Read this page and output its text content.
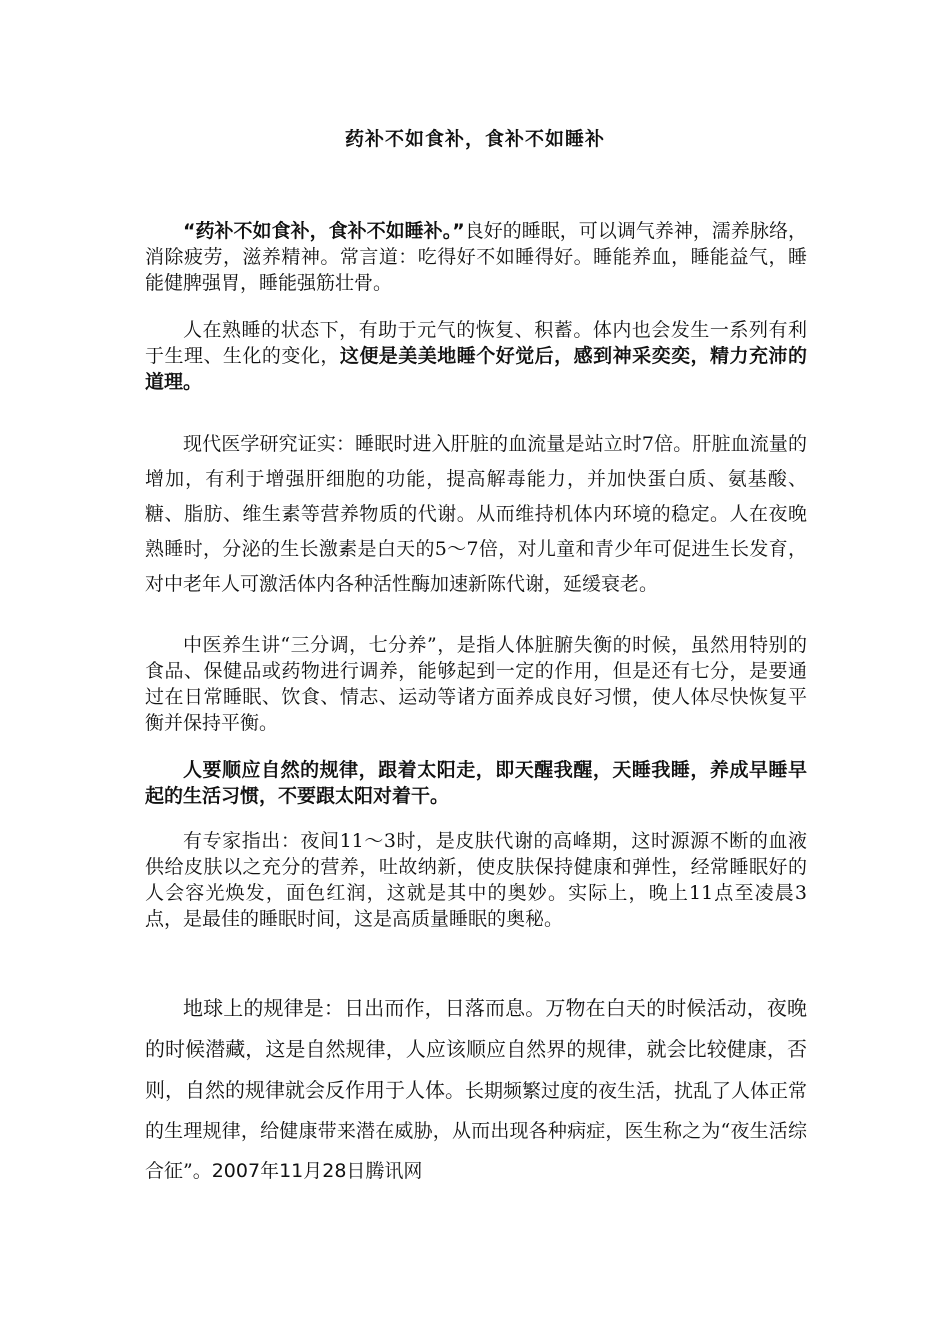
药补不如食补，食补不如睡补

“药补不如食补，食补不如睡补。”良好的睡眠，可以调气养神，濡养脉络，消除疲劳，滋养精神。常言道：吃得好不如睡得好。睡能养血，睡能益气，睡能健脾强胃，睡能强筋壮骨。

人在熟睡的状态下，有助于元气的恢复、积蓄。体内也会发生一系列有利于生理、生化的变化，这便是美美地睡个好觉后，感到神采奕奕，精力充沛的道理。

现代医学研究证实：睡眠时进入肝脏的血流量是站立时7倍。肝脏血流量的增加，有利于增强肝细胞的功能，提高解毒能力，并加快蛋白质、氨基酸、糖、脂肪、维生素等营养物质的代谢。从而维持机体内环境的稳定。人在夜晚熟睡时，分泌的生长激素是白天的5～7倍，对儿童和青少年可促进生长发育，对中老年人可激活体内各种活性酶加速新陈代谢，延缓衰老。

中医养生讲“三分调，七分养”，是指人体脏腑失衡的时候，虽然用特别的食品、保健品或药物进行调养，能够起到一定的作用，但是还有七分，是要通过在日常睡眠、饮食、情志、运动等诸方面养成良好习惯，使人体尽快恢复平衡并保持平衡。

人要顺应自然的规律，跟着太阳走，即天醒我醒，天睡我睡，养成早睡早起的生活习惯，不要跟太阳对着干。

有专家指出：夜间11～3时，是皮肤代谢的高峰期，这时源源不断的血液供给皮肤以之充分的营养，吐故纳新，使皮肤保持健康和弹性，经常睡眠好的人会容光焕发，面色红润，这就是其中的奥妙。实际上，晚上11点至凌晨3点，是最佳的睡眠时间，这是高质量睡眠的奥秘。

地球上的规律是：日出而作，日落而息。万物在白天的时候活动，夜晚的时候潜藏，这是自然规律，人应该顺应自然界的规律，就会比较健康，否则，自然的规律就会反作用于人体。长期频繁过度的夜生活，扰乱了人体正常的生理规律，给健康带来潜在威胁，从而出现各种病症，医生称之为“夜生活综合征”。2007年11月28日腾讯网
